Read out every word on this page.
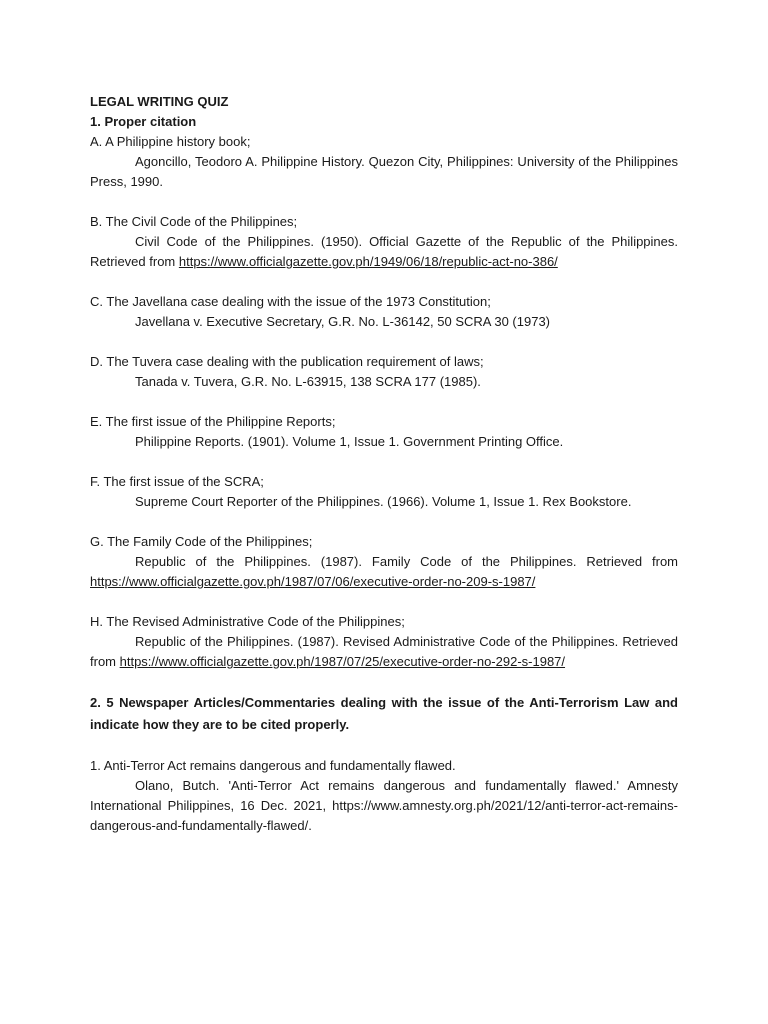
LEGAL WRITING QUIZ

1. Proper citation

A. A Philippine history book;

Agoncillo, Teodoro A. Philippine History. Quezon City, Philippines: University of the Philippines Press, 1990.

B. The Civil Code of the Philippines;

Civil Code of the Philippines. (1950). Official Gazette of the Republic of the Philippines. Retrieved from https://www.officialgazette.gov.ph/1949/06/18/republic-act-no-386/

C. The Javellana case dealing with the issue of the 1973 Constitution;

Javellana v. Executive Secretary, G.R. No. L-36142, 50 SCRA 30 (1973)

D. The Tuvera case dealing with the publication requirement of laws;

Tanada v. Tuvera, G.R. No. L-63915, 138 SCRA 177 (1985).

E. The first issue of the Philippine Reports;

Philippine Reports. (1901). Volume 1, Issue 1. Government Printing Office.

F. The first issue of the SCRA;

Supreme Court Reporter of the Philippines. (1966). Volume 1, Issue 1. Rex Bookstore.

G. The Family Code of the Philippines;

Republic of the Philippines. (1987). Family Code of the Philippines. Retrieved from https://www.officialgazette.gov.ph/1987/07/06/executive-order-no-209-s-1987/

H. The Revised Administrative Code of the Philippines;

Republic of the Philippines. (1987). Revised Administrative Code of the Philippines. Retrieved from https://www.officialgazette.gov.ph/1987/07/25/executive-order-no-292-s-1987/

2. 5 Newspaper Articles/Commentaries dealing with the issue of the Anti-Terrorism Law and indicate how they are to be cited properly.

1. Anti-Terror Act remains dangerous and fundamentally flawed.

Olano, Butch. 'Anti-Terror Act remains dangerous and fundamentally flawed.' Amnesty International Philippines, 16 Dec. 2021, https://www.amnesty.org.ph/2021/12/anti-terror-act-remains-dangerous-and-fundamentally-flawed/.
